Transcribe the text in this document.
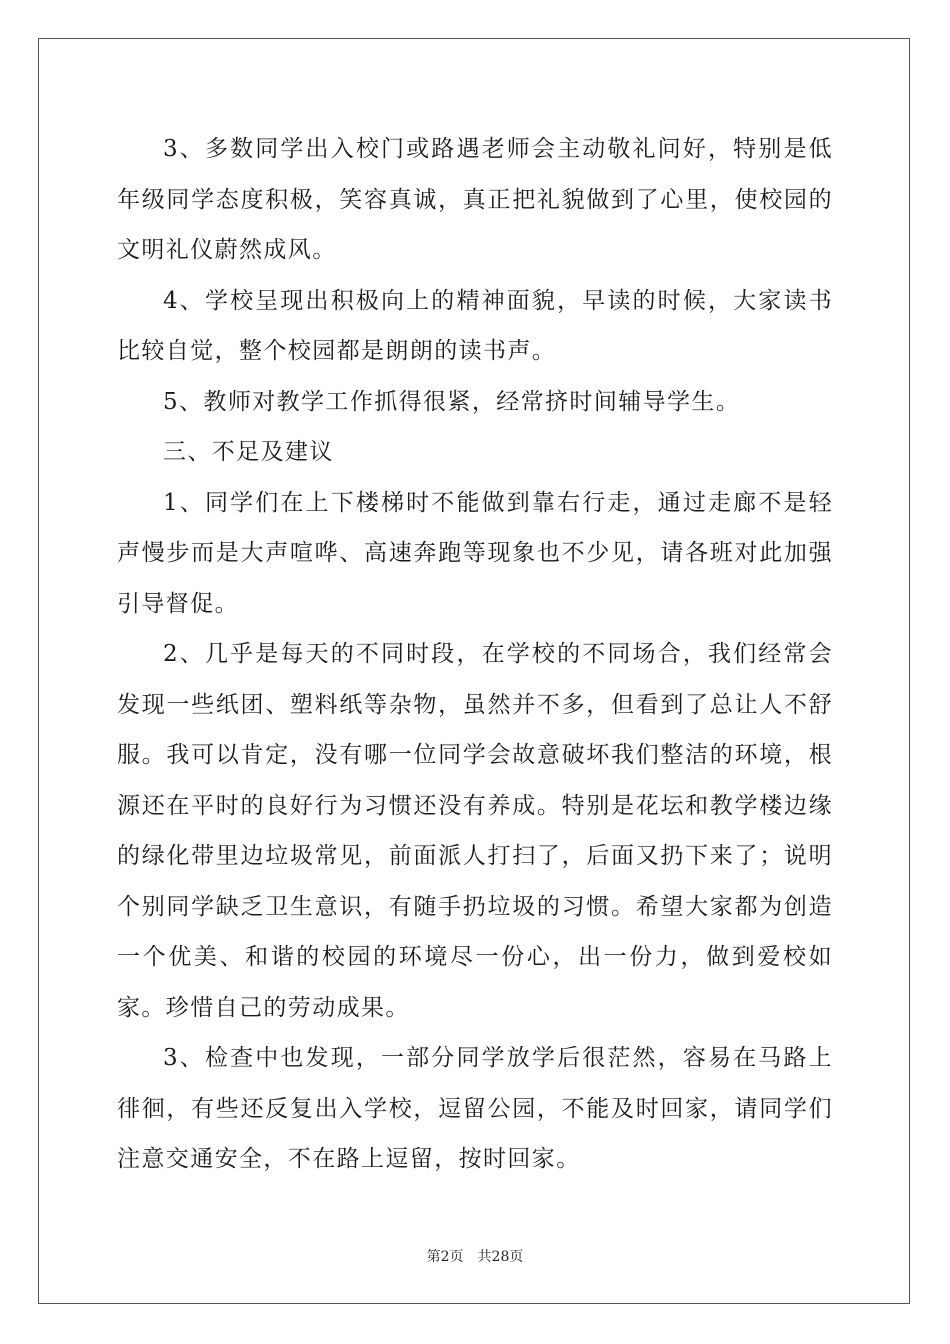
3、多数同学出入校门或路遇老师会主动敬礼问好，特别是低年级同学态度积极，笑容真诚，真正把礼貌做到了心里，使校园的文明礼仪蔚然成风。

4、学校呈现出积极向上的精神面貌，早读的时候，大家读书比较自觉，整个校园都是朗朗的读书声。

5、教师对教学工作抓得很紧，经常挤时间辅导学生。

三、不足及建议

1、同学们在上下楼梯时不能做到靠右行走，通过走廊不是轻声慢步而是大声喧哗、高速奔跑等现象也不少见，请各班对此加强引导督促。

2、几乎是每天的不同时段，在学校的不同场合，我们经常会发现一些纸团、塑料纸等杂物，虽然并不多，但看到了总让人不舒服。我可以肯定，没有哪一位同学会故意破坏我们整洁的环境，根源还在平时的良好行为习惯还没有养成。特别是花坛和教学楼边缘的绿化带里边垃圾常见，前面派人打扫了，后面又扔下来了；说明个别同学缺乏卫生意识，有随手扔垃圾的习惯。希望大家都为创造一个优美、和谐的校园的环境尽一份心，出一份力，做到爱校如家。珍惜自己的劳动成果。

3、检查中也发现，一部分同学放学后很茫然，容易在马路上徘徊，有些还反复出入学校，逗留公园，不能及时回家，请同学们注意交通安全，不在路上逗留，按时回家。

第2页 共28页
